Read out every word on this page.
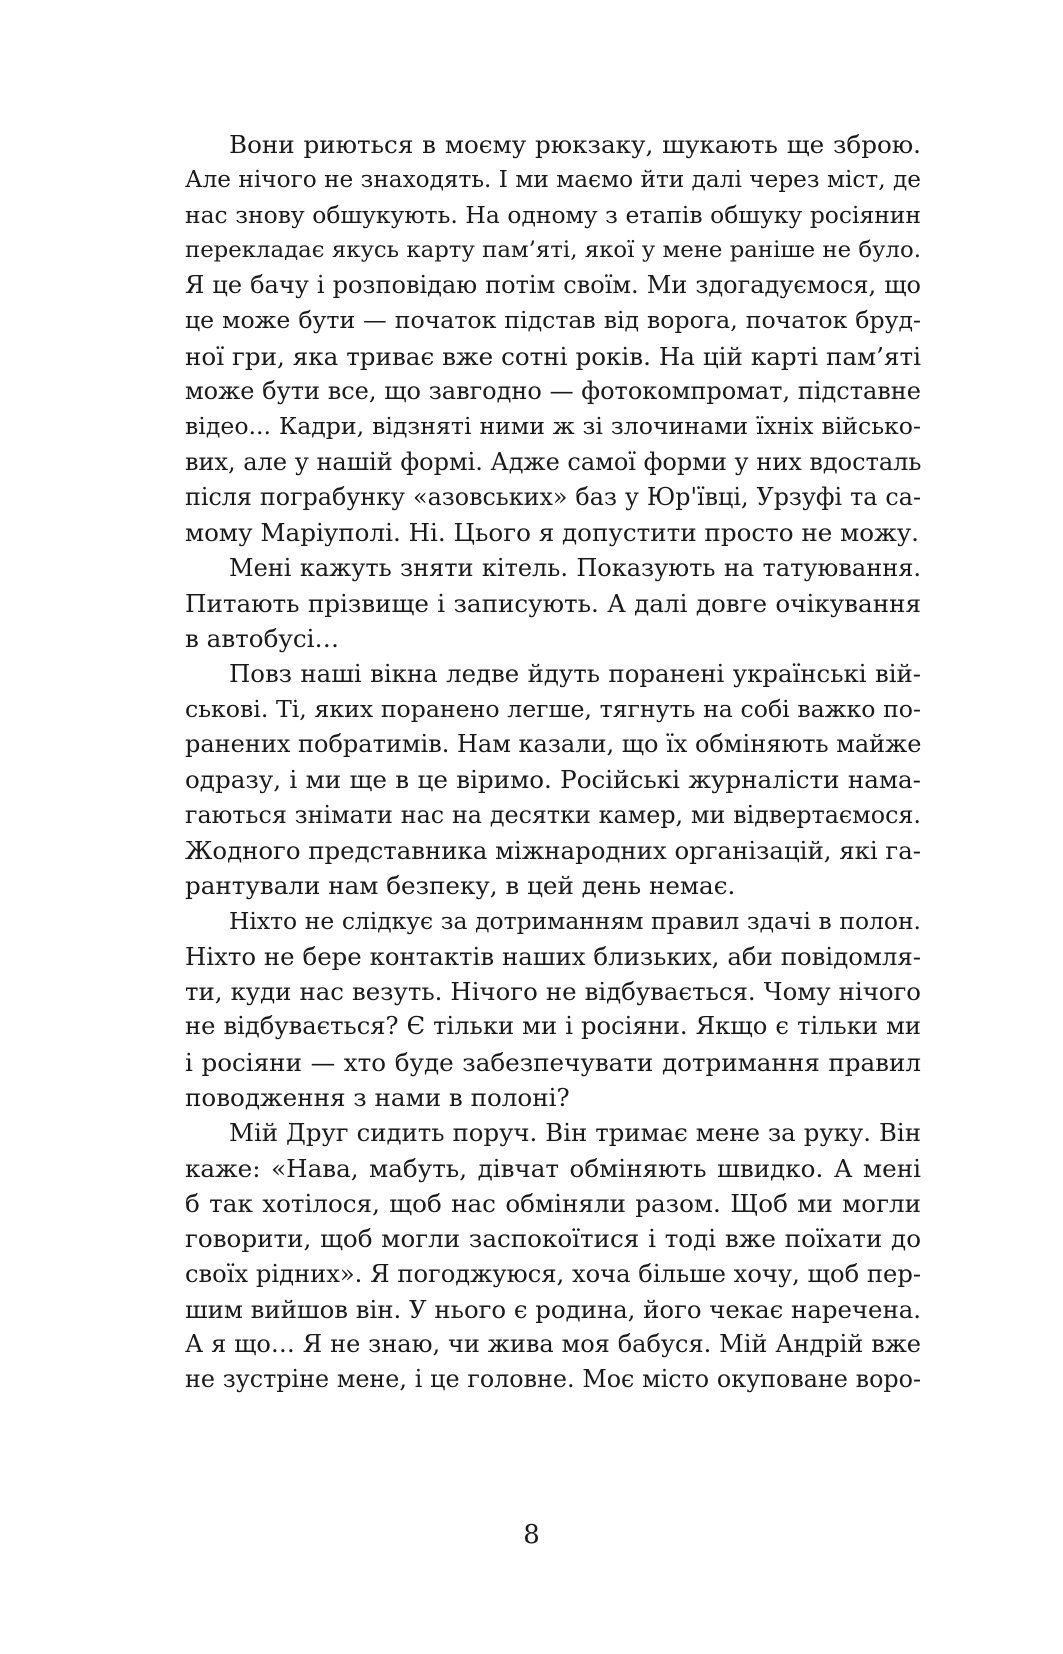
Вони риються в моєму рюкзаку, шукають ще зброю.
Але нічого не знаходять. І ми маємо йти далі через міст, де
нас знову обшукують. На одному з етапів обшуку росіянин
перекладає якусь карту пам’яті, якої у мене раніше не було.
Я це бачу і розповідаю потім своїм. Ми здогадуємося, що
це може бути — початок підстав від ворога, початок бруд-
ної гри, яка триває вже сотні років. На цій карті пам’яті
може бути все, що завгодно — фотокомпромат, підставне
відео... Кадри, відзняті ними ж зі злочинами їхніх військо-
вих, але у нашій формі. Адже самої форми у них вдосталь
після пограбунку «азовських» баз у Юр'ївці, Урзуфі та са-
мому Маріуполі. Ні. Цього я допустити просто не можу.
Мені кажуть зняти кітель. Показують на татуювання.
Питають прізвище і записують. А далі довге очікування
в автобусі…
Повз наші вікна ледве йдуть поранені українські вій-
ськові. Ті, яких поранено легше, тягнуть на собі важко по-
ранених побратимів. Нам казали, що їх обміняють майже
одразу, і ми ще в це віримо. Російські журналісти нама-
гаються знімати нас на десятки камер, ми відвертаємося.
Жодного представника міжнародних організацій, які га-
рантували нам безпеку, в цей день немає.
Ніхто не слідкує за дотриманням правил здачі в полон.
Ніхто не бере контактів наших близьких, аби повідомля-
ти, куди нас везуть. Нічого не відбувається. Чому нічого
не відбувається? Є тільки ми і росіяни. Якщо є тільки ми
і росіяни — хто буде забезпечувати дотримання правил
поводження з нами в полоні?
Мій Друг сидить поруч. Він тримає мене за руку. Він
каже: «Нава, мабуть, дівчат обміняють швидко. А мені
б так хотілося, щоб нас обміняли разом. Щоб ми могли
говорити, щоб могли заспокоїтися і тоді вже поїхати до
своїх рідних». Я погоджуюся, хоча більше хочу, щоб пер-
шим вийшов він. У нього є родина, його чекає наречена.
А я що… Я не знаю, чи жива моя бабуся. Мій Андрій вже
не зустріне мене, і це головне. Моє місто окуповане воро-
8
